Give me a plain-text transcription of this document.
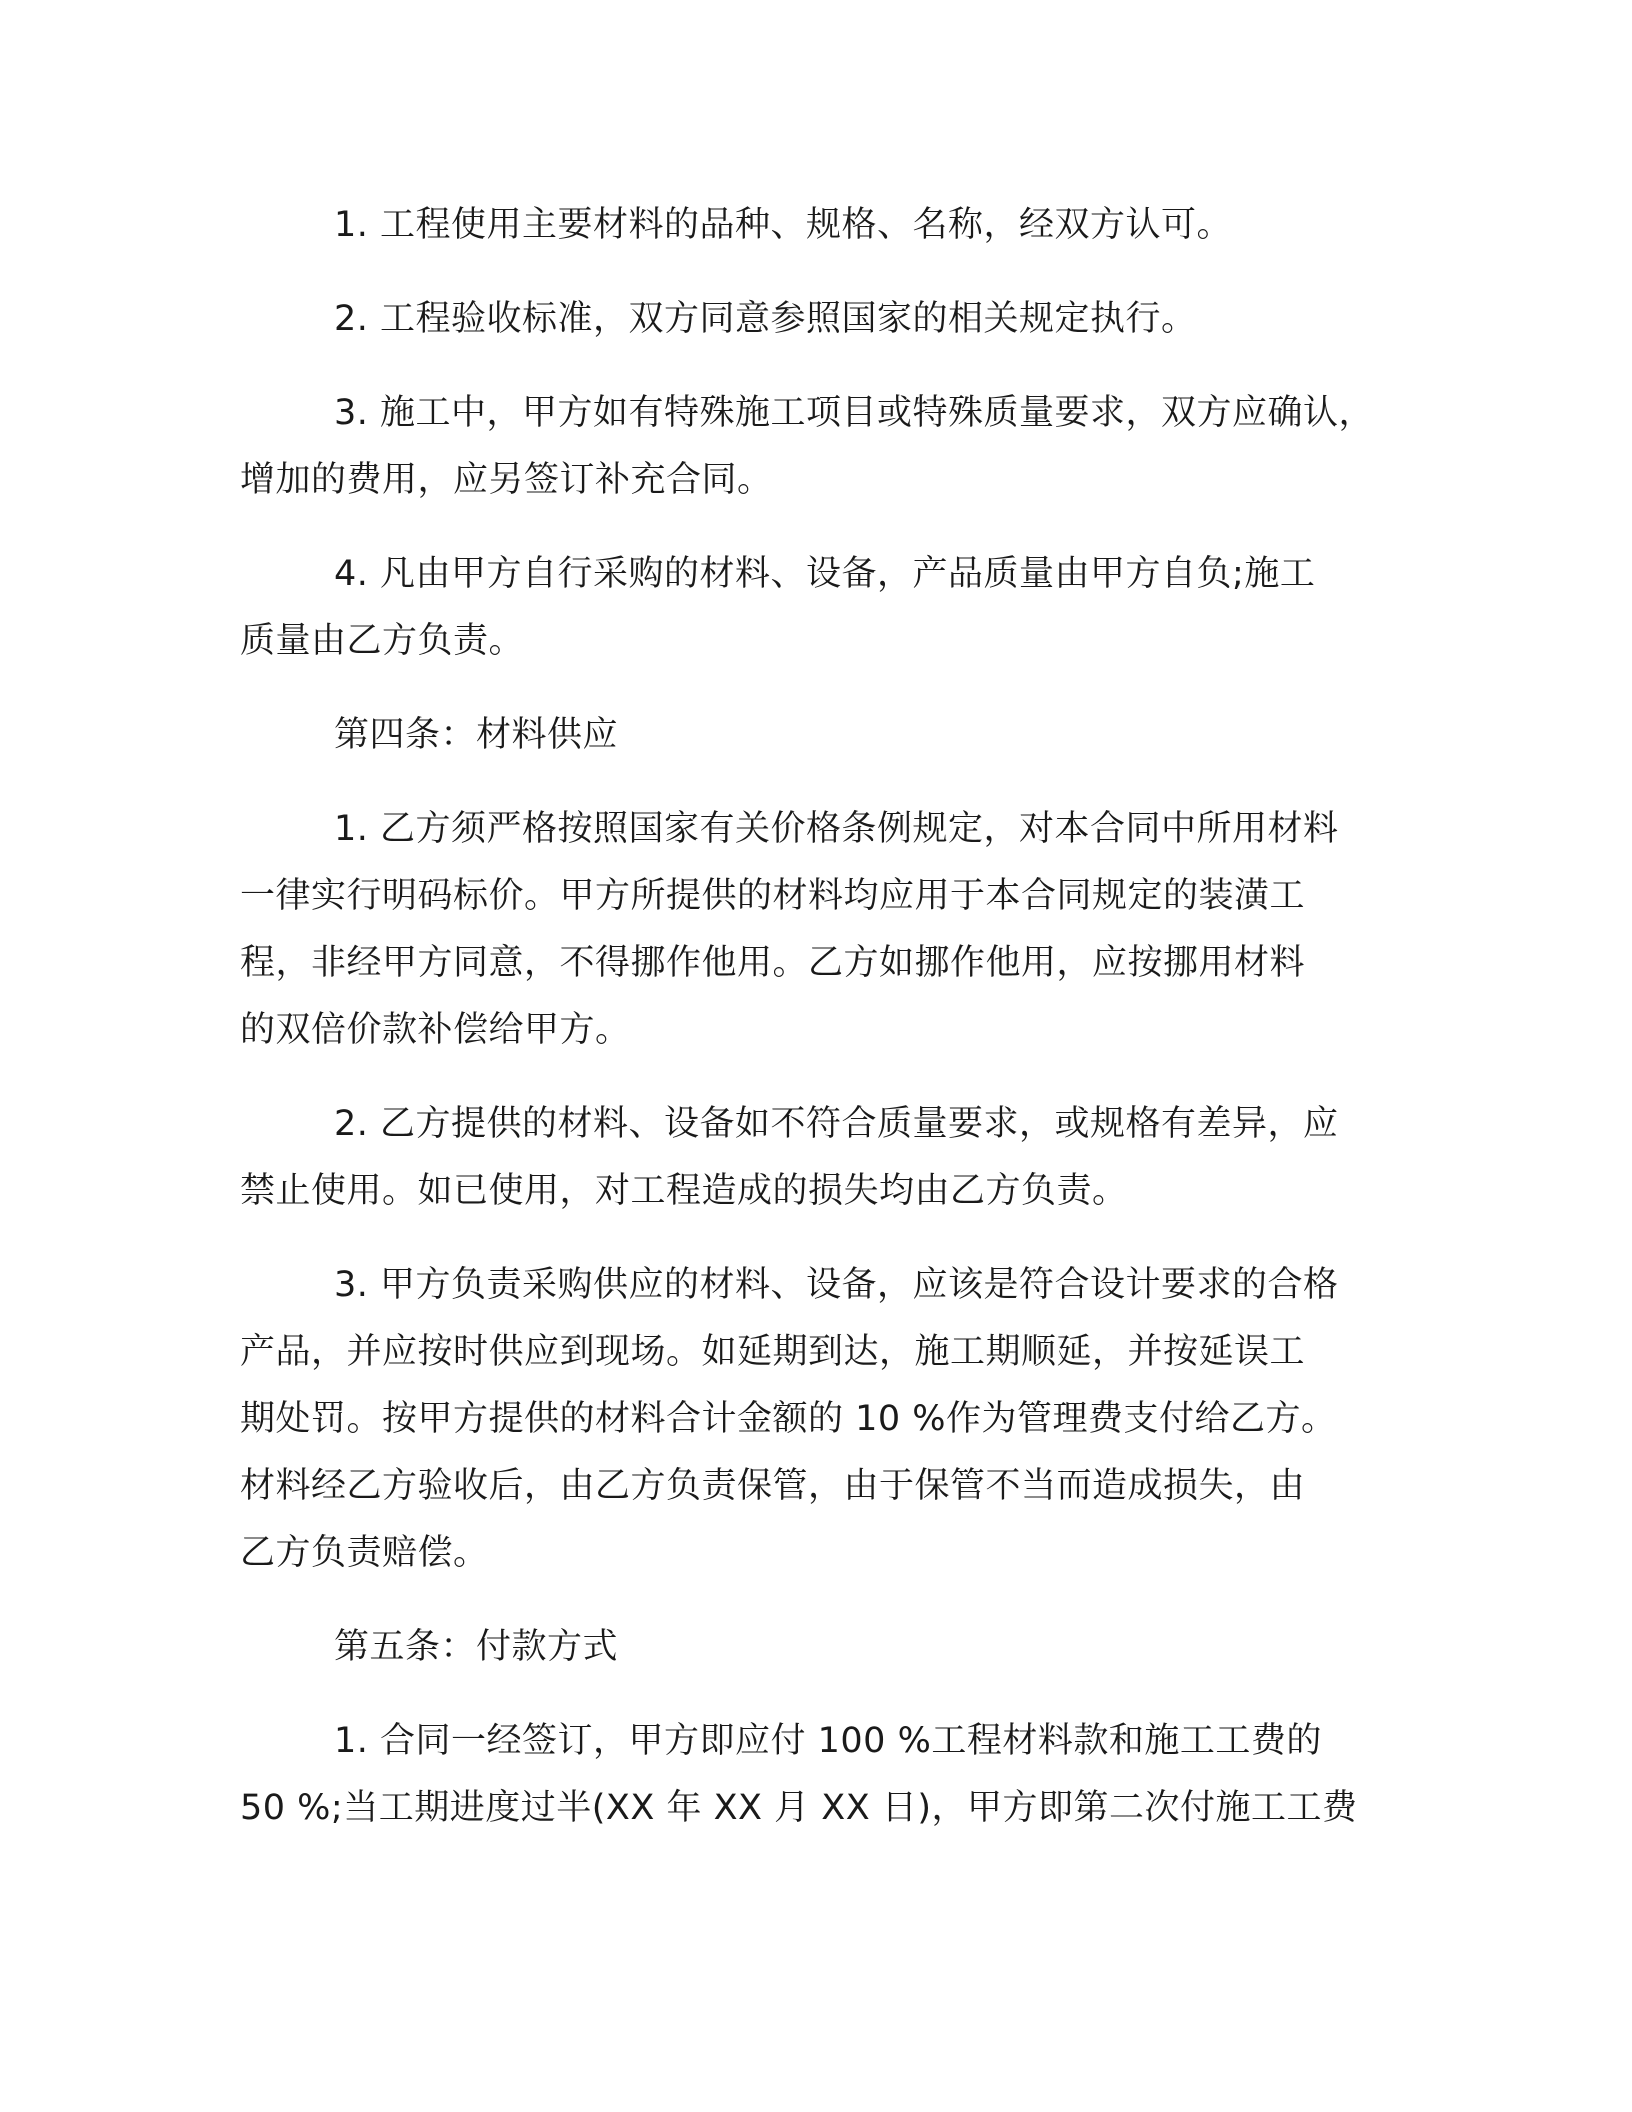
1. 工程使用主要材料的品种、规格、名称，经双方认可。
2. 工程验收标准，双方同意参照国家的相关规定执行。
3. 施工中，甲方如有特殊施工项目或特殊质量要求，双方应确认，
增加的费用，应另签订补充合同。
4. 凡由甲方自行采购的材料、设备，产品质量由甲方自负;施工
质量由乙方负责。
第四条：材料供应
1. 乙方须严格按照国家有关价格条例规定，对本合同中所用材料
一律实行明码标价。甲方所提供的材料均应用于本合同规定的装潢工
程，非经甲方同意，不得挪作他用。乙方如挪作他用，应按挪用材料
的双倍价款补偿给甲方。
2. 乙方提供的材料、设备如不符合质量要求，或规格有差异，应
禁止使用。如已使用，对工程造成的损失均由乙方负责。
3. 甲方负责采购供应的材料、设备，应该是符合设计要求的合格
产品，并应按时供应到现场。如延期到达，施工期顺延，并按延误工
期处罚。按甲方提供的材料合计金额的 10 %作为管理费支付给乙方。
材料经乙方验收后，由乙方负责保管，由于保管不当而造成损失，由
乙方负责赔偿。
第五条：付款方式
1. 合同一经签订，甲方即应付 100 %工程材料款和施工工费的
50 %;当工期进度过半(XX 年 XX 月 XX 日)，甲方即第二次付施工工费
